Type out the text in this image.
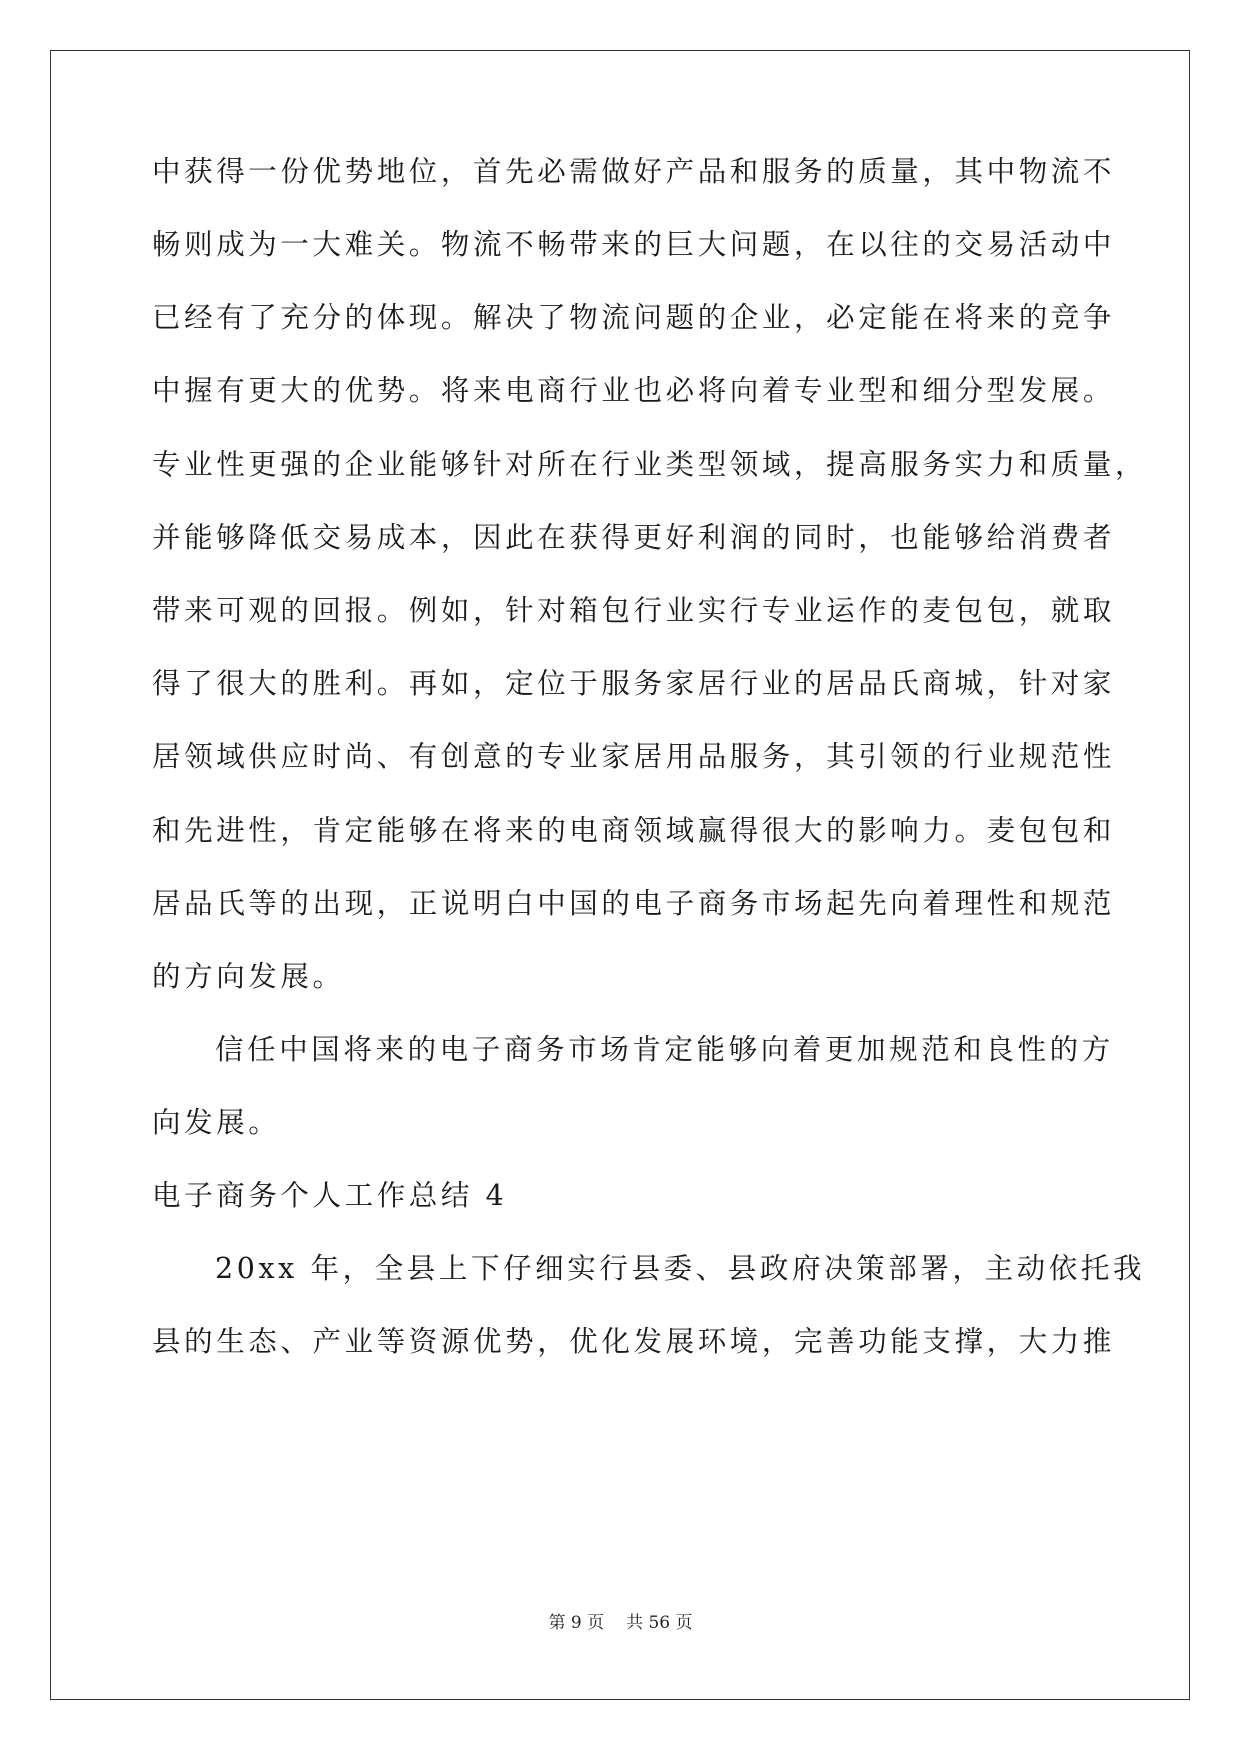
中获得一份优势地位，首先必需做好产品和服务的质量，其中物流不
畅则成为一大难关。物流不畅带来的巨大问题，在以往的交易活动中
已经有了充分的体现。解决了物流问题的企业，必定能在将来的竞争
中握有更大的优势。将来电商行业也必将向着专业型和细分型发展。
专业性更强的企业能够针对所在行业类型领域，提高服务实力和质量，
并能够降低交易成本，因此在获得更好利润的同时，也能够给消费者
带来可观的回报。例如，针对箱包行业实行专业运作的麦包包，就取
得了很大的胜利。再如，定位于服务家居行业的居品氏商城，针对家
居领域供应时尚、有创意的专业家居用品服务，其引领的行业规范性
和先进性，肯定能够在将来的电商领域赢得很大的影响力。麦包包和
居品氏等的出现，正说明白中国的电子商务市场起先向着理性和规范
的方向发展。
信任中国将来的电子商务市场肯定能够向着更加规范和良性的方
向发展。
电子商务个人工作总结 4
20xx 年，全县上下仔细实行县委、县政府决策部署，主动依托我
县的生态、产业等资源优势，优化发展环境，完善功能支撑，大力推
第 9 页 共 56 页
